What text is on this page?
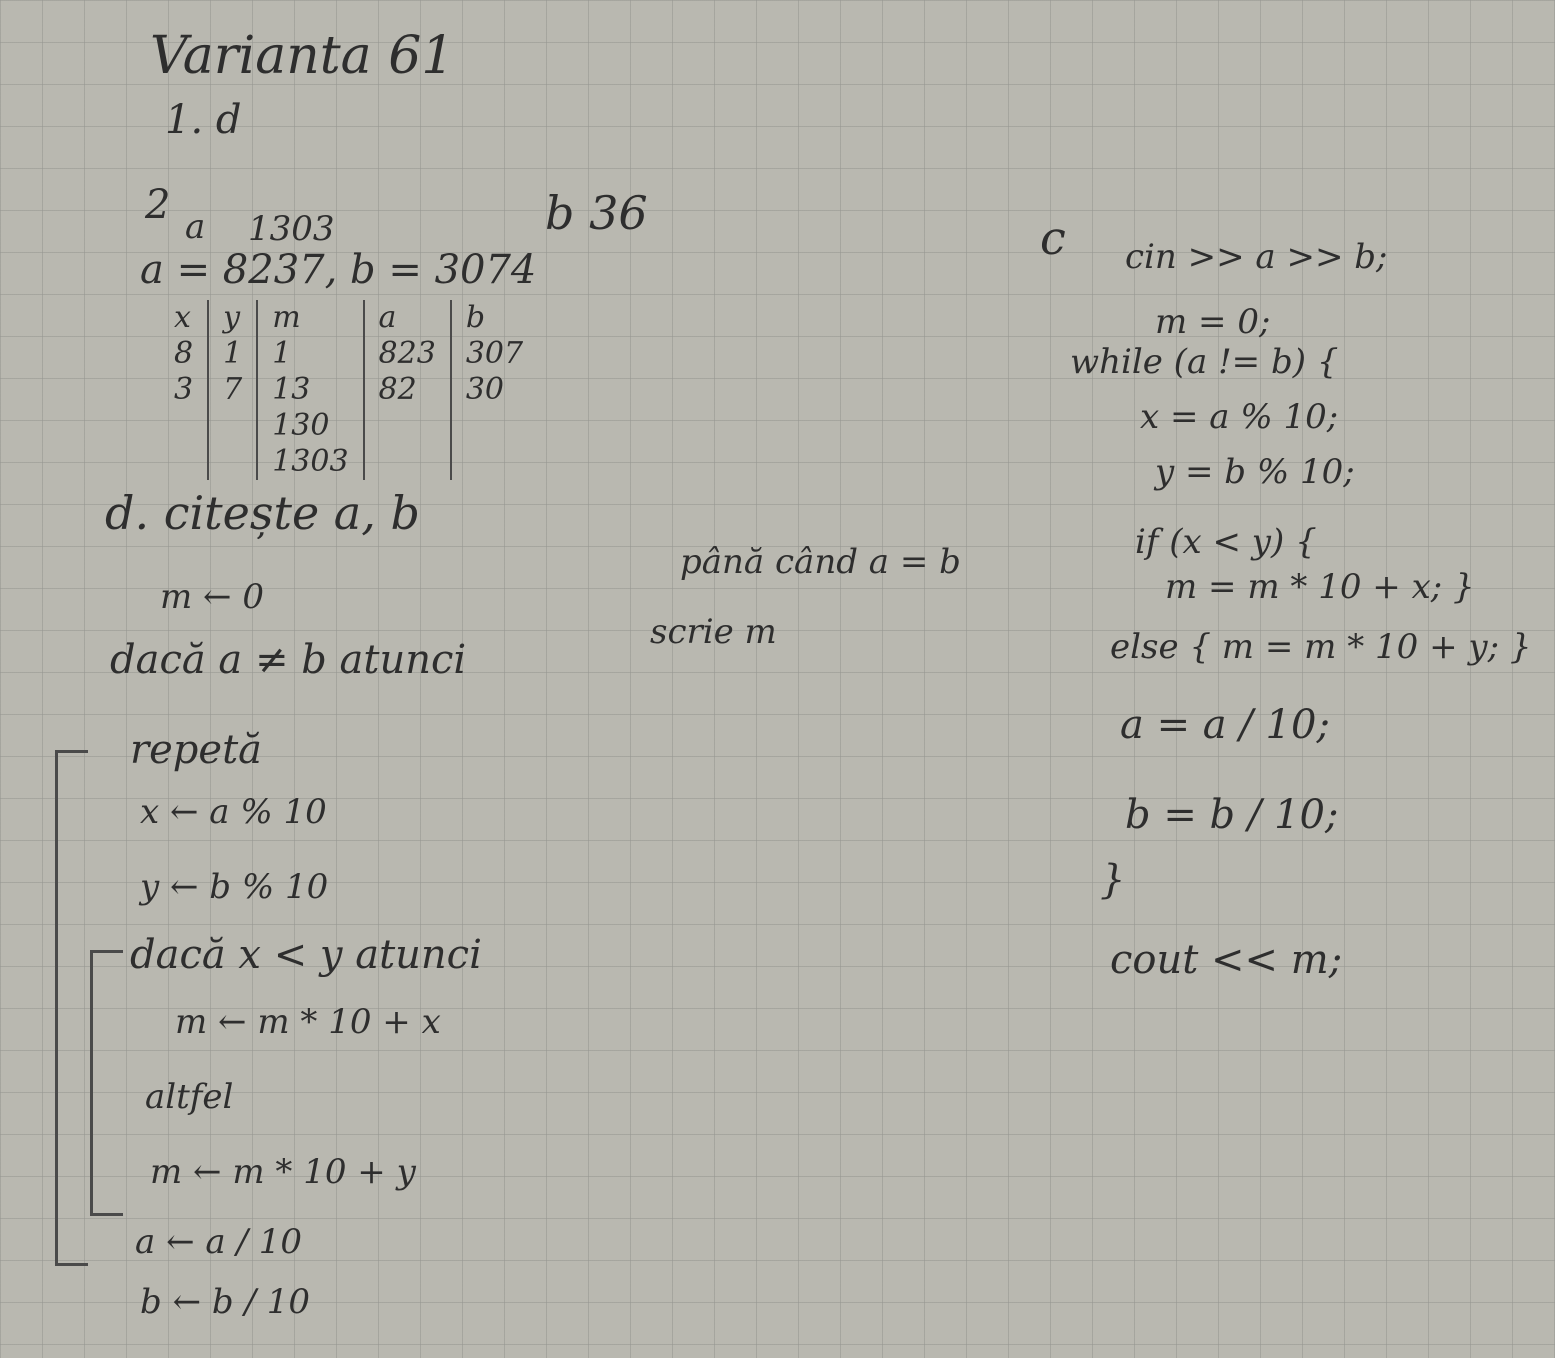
Varianta 61
1. d
2 a 1303
a = 8237, b = 3074
x
8
3
y
1
7
m
1
13
130
1303
a
823
82
b
307
30
b 36	c
d. citește a, b
m ← 0
dacă a ≠ b atunci
repetă
x ← a % 10
y ← b % 10
dacă x < y atunci
m ← m * 10 + x
altfel
m ← m * 10 + y
a ← a / 10
b ← b / 10
până când a = b
scrie m
cin >> a >> b;
m = 0;
while (a != b) {
x = a % 10;
y = b % 10;
if (x < y) {
m = m * 10 + x; }
else { m = m * 10 + y; }
a = a / 10;
b = b / 10;
}
cout << m;
